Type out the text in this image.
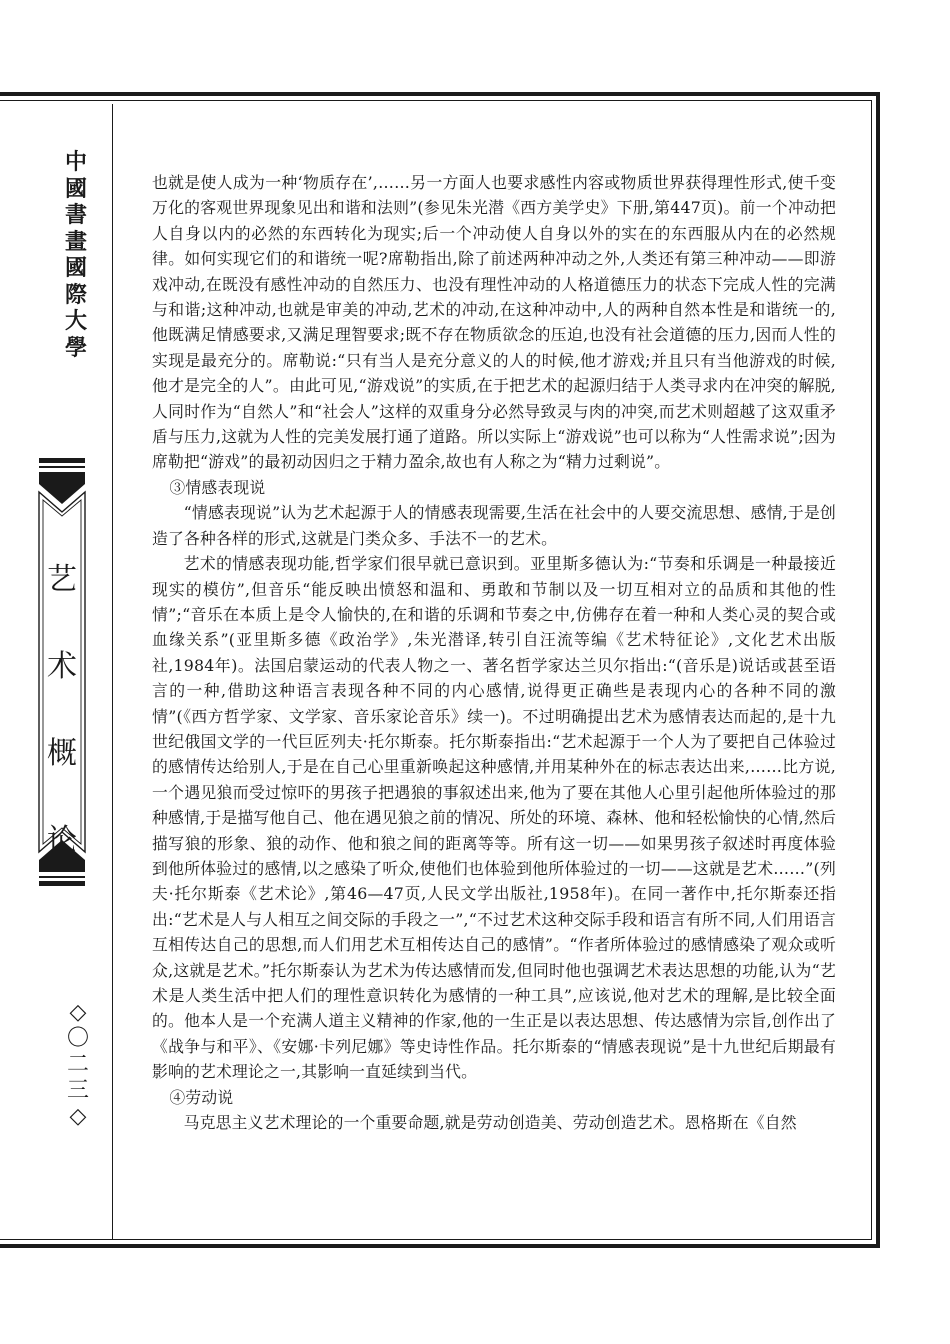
中
國
書
畫
國
際
大
學
艺
术
概
论
◇
〇
二
三
◇

也就是使人成为一种‘物质存在’,……另一方面人也要求感性内容或物质世界获得理性形式,使千变万化的客观世界现象见出和谐和法则”(参见朱光潜《西方美学史》下册,第447页)。前一个冲动把人自身以内的必然的东西转化为现实;后一个冲动使人自身以外的实在的东西服从内在的必然规律。如何实现它们的和谐统一呢?席勒指出,除了前述两种冲动之外,人类还有第三种冲动——即游戏冲动,在既没有感性冲动的自然压力、也没有理性冲动的人格道德压力的状态下完成人性的完满与和谐;这种冲动,也就是审美的冲动,艺术的冲动,在这种冲动中,人的两种自然本性是和谐统一的,他既满足情感要求,又满足理智要求;既不存在物质欲念的压迫,也没有社会道德的压力,因而人性的实现是最充分的。席勒说:“只有当人是充分意义的人的时候,他才游戏;并且只有当他游戏的时候,他才是完全的人”。由此可见,“游戏说”的实质,在于把艺术的起源归结于人类寻求内在冲突的解脱,人同时作为“自然人”和“社会人”这样的双重身分必然导致灵与肉的冲突,而艺术则超越了这双重矛盾与压力,这就为人性的完美发展打通了道路。所以实际上“游戏说”也可以称为“人性需求说”;因为席勒把“游戏”的最初动因归之于精力盈余,故也有人称之为“精力过剩说”。

③情感表现说

“情感表现说”认为艺术起源于人的情感表现需要,生活在社会中的人要交流思想、感情,于是创造了各种各样的形式,这就是门类众多、手法不一的艺术。

艺术的情感表现功能,哲学家们很早就已意识到。亚里斯多德认为:“节奏和乐调是一种最接近现实的模仿”,但音乐“能反映出愤怒和温和、勇敢和节制以及一切互相对立的品质和其他的性情”;“音乐在本质上是令人愉快的,在和谐的乐调和节奏之中,仿佛存在着一种和人类心灵的契合或血缘关系”(亚里斯多德《政治学》,朱光潜译,转引自汪流等编《艺术特征论》,文化艺术出版社,1984年)。法国启蒙运动的代表人物之一、著名哲学家达兰贝尔指出:“(音乐是)说话或甚至语言的一种,借助这种语言表现各种不同的内心感情,说得更正确些是表现内心的各种不同的激情”(《西方哲学家、文学家、音乐家论音乐》续一)。不过明确提出艺术为感情表达而起的,是十九世纪俄国文学的一代巨匠列夫·托尔斯泰。托尔斯泰指出:“艺术起源于一个人为了要把自己体验过的感情传达给别人,于是在自己心里重新唤起这种感情,并用某种外在的标志表达出来,……比方说,一个遇见狼而受过惊吓的男孩子把遇狼的事叙述出来,他为了要在其他人心里引起他所体验过的那种感情,于是描写他自己、他在遇见狼之前的情况、所处的环境、森林、他和轻松愉快的心情,然后描写狼的形象、狼的动作、他和狼之间的距离等等。所有这一切——如果男孩子叙述时再度体验到他所体验过的感情,以之感染了听众,使他们也体验到他所体验过的一切——这就是艺术……”(列夫·托尔斯泰《艺术论》,第46—47页,人民文学出版社,1958年)。在同一著作中,托尔斯泰还指出:“艺术是人与人相互之间交际的手段之一”,“不过艺术这种交际手段和语言有所不同,人们用语言互相传达自己的思想,而人们用艺术互相传达自己的感情”。“作者所体验过的感情感染了观众或听众,这就是艺术。”托尔斯泰认为艺术为传达感情而发,但同时他也强调艺术表达思想的功能,认为“艺术是人类生活中把人们的理性意识转化为感情的一种工具”,应该说,他对艺术的理解,是比较全面的。他本人是一个充满人道主义精神的作家,他的一生正是以表达思想、传达感情为宗旨,创作出了《战争与和平》、《安娜·卡列尼娜》等史诗性作品。托尔斯泰的“情感表现说”是十九世纪后期最有影响的艺术理论之一,其影响一直延续到当代。

④劳动说

马克思主义艺术理论的一个重要命题,就是劳动创造美、劳动创造艺术。恩格斯在《自然
